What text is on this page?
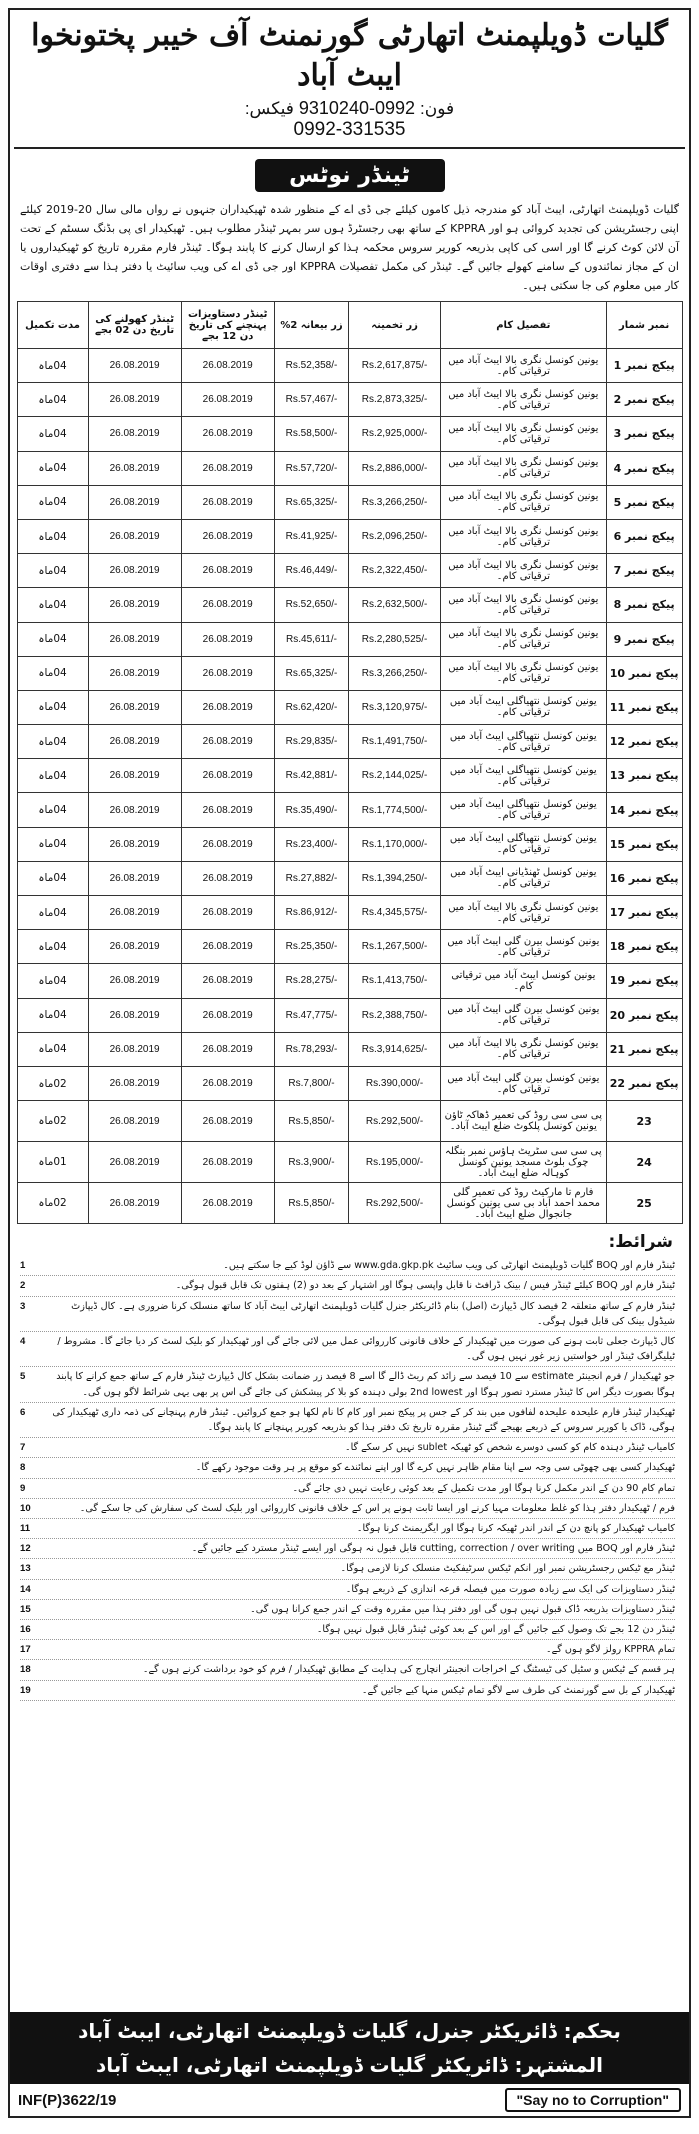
گلیات ڈویلپمنٹ اتھارٹی گورنمنٹ آف خیبر پختونخوا ایبٹ آباد
فون: 0992-9310240 فیکس:
0992-331535
ٹینڈر نوٹس
گلیات ڈویلپمنٹ اتھارٹی، ایبٹ آباد کو مندرجہ ذیل کاموں کیلئے جی ڈی اے کے منظور شدہ ٹھیکیداران جنہوں نے رواں مالی سال 20-2019 کیلئے اپنی رجسٹریشن کی تجدید کروائی ہو اور KPPRA کے ساتھ بھی رجسٹرڈ ہوں سر بمہر ٹینڈر مطلوب ہیں۔ ٹھیکیدار ای پی بڈنگ سسٹم کے تحت آن لائن کوٹ کرنے گا اور اسی کی کاپی بذریعہ کوریر سروس محکمہ ہذا کو ارسال کرنے کا پابند ہوگا۔ ٹینڈر فارم مقررہ تاریخ کو ٹھیکیداروں یا ان کے مجاز نمائندوں کے سامنے کھولے جائیں گے۔ ٹینڈر کی مکمل تفصیلات KPPRA اور جی ڈی اے کی ویب سائیٹ یا دفتر ہذا سے دفتری اوقات کار میں معلوم کی جا سکتی ہیں۔
نمبر شمار	تفصیل کام	زر تخمینہ	زر بیعانہ 2%	ٹینڈر دستاویزات پہنچنے کی تاریخ دن 12 بجے	ٹینڈر کھولنے کی تاریخ دن 02 بجے	مدت تکمیل
پیکج نمبر 1	یونین کونسل نگری بالا ایبٹ آباد میں ترقیاتی کام۔	Rs.2,617,875/-	Rs.52,358/-	26.08.2019	26.08.2019	04ماہ
پیکج نمبر 2	یونین کونسل نگری بالا ایبٹ آباد میں ترقیاتی کام۔	Rs.2,873,325/-	Rs.57,467/-	26.08.2019	26.08.2019	04ماہ
پیکج نمبر 3	یونین کونسل نگری بالا ایبٹ آباد میں ترقیاتی کام۔	Rs.2,925,000/-	Rs.58,500/-	26.08.2019	26.08.2019	04ماہ
پیکج نمبر 4	یونین کونسل نگری بالا ایبٹ آباد میں ترقیاتی کام۔	Rs.2,886,000/-	Rs.57,720/-	26.08.2019	26.08.2019	04ماہ
پیکج نمبر 5	یونین کونسل نگری بالا ایبٹ آباد میں ترقیاتی کام۔	Rs.3,266,250/-	Rs.65,325/-	26.08.2019	26.08.2019	04ماہ
پیکج نمبر 6	یونین کونسل نگری بالا ایبٹ آباد میں ترقیاتی کام۔	Rs.2,096,250/-	Rs.41,925/-	26.08.2019	26.08.2019	04ماہ
پیکج نمبر 7	یونین کونسل نگری بالا ایبٹ آباد میں ترقیاتی کام۔	Rs.2,322,450/-	Rs.46,449/-	26.08.2019	26.08.2019	04ماہ
پیکج نمبر 8	یونین کونسل نگری بالا ایبٹ آباد میں ترقیاتی کام۔	Rs.2,632,500/-	Rs.52,650/-	26.08.2019	26.08.2019	04ماہ
پیکج نمبر 9	یونین کونسل نگری بالا ایبٹ آباد میں ترقیاتی کام۔	Rs.2,280,525/-	Rs.45,611/-	26.08.2019	26.08.2019	04ماہ
پیکج نمبر 10	یونین کونسل نگری بالا ایبٹ آباد میں ترقیاتی کام۔	Rs.3,266,250/-	Rs.65,325/-	26.08.2019	26.08.2019	04ماہ
پیکج نمبر 11	یونین کونسل نتھیاگلی ایبٹ آباد میں ترقیاتی کام۔	Rs.3,120,975/-	Rs.62,420/-	26.08.2019	26.08.2019	04ماہ
پیکج نمبر 12	یونین کونسل نتھیاگلی ایبٹ آباد میں ترقیاتی کام۔	Rs.1,491,750/-	Rs.29,835/-	26.08.2019	26.08.2019	04ماہ
پیکج نمبر 13	یونین کونسل نتھیاگلی ایبٹ آباد میں ترقیاتی کام۔	Rs.2,144,025/-	Rs.42,881/-	26.08.2019	26.08.2019	04ماہ
پیکج نمبر 14	یونین کونسل نتھیاگلی ایبٹ آباد میں ترقیاتی کام۔	Rs.1,774,500/-	Rs.35,490/-	26.08.2019	26.08.2019	04ماہ
پیکج نمبر 15	یونین کونسل نتھیاگلی ایبٹ آباد میں ترقیاتی کام۔	Rs.1,170,000/-	Rs.23,400/-	26.08.2019	26.08.2019	04ماہ
پیکج نمبر 16	یونین کونسل ٹھنڈیانی ایبٹ آباد میں ترقیاتی کام۔	Rs.1,394,250/-	Rs.27,882/-	26.08.2019	26.08.2019	04ماہ
پیکج نمبر 17	یونین کونسل نگری بالا ایبٹ آباد میں ترقیاتی کام۔	Rs.4,345,575/-	Rs.86,912/-	26.08.2019	26.08.2019	04ماہ
پیکج نمبر 18	یونین کونسل بیرن گلی ایبٹ آباد میں ترقیاتی کام۔	Rs.1,267,500/-	Rs.25,350/-	26.08.2019	26.08.2019	04ماہ
پیکج نمبر 19	یونین کونسل ایبٹ آباد میں ترقیاتی کام۔	Rs.1,413,750/-	Rs.28,275/-	26.08.2019	26.08.2019	04ماہ
پیکج نمبر 20	یونین کونسل بیرن گلی ایبٹ آباد میں ترقیاتی کام۔	Rs.2,388,750/-	Rs.47,775/-	26.08.2019	26.08.2019	04ماہ
پیکج نمبر 21	یونین کونسل نگری بالا ایبٹ آباد میں ترقیاتی کام۔	Rs.3,914,625/-	Rs.78,293/-	26.08.2019	26.08.2019	04ماہ
پیکج نمبر 22	یونین کونسل بیرن گلی ایبٹ آباد میں ترقیاتی کام۔	Rs.390,000/-	Rs.7,800/-	26.08.2019	26.08.2019	02ماہ
23	پی سی سی روڈ کی تعمیر ڈھاکہ ٹاؤن یونین کونسل پلکوٹ ضلع ایبٹ آباد۔	Rs.292,500/-	Rs.5,850/-	26.08.2019	26.08.2019	02ماہ
24	پی سی سی سٹریٹ ہاؤس نمبر بنگلہ چوک بلوٹ مسجد یونین کونسل کوہالہ ضلع ایبٹ آباد۔	Rs.195,000/-	Rs.3,900/-	26.08.2019	26.08.2019	01ماہ
25	فارم تا مارکیٹ روڈ کی تعمیر گلی محمد احمد آباد بی سی یونین کونسل جانجوال ضلع ایبٹ آباد۔	Rs.292,500/-	Rs.5,850/-	26.08.2019	26.08.2019	02ماہ
شرائط:
ٹینڈر فارم اور BOQ گلیات ڈویلپمنٹ اتھارٹی کی ویب سائیٹ www.gda.gkp.pk سے ڈاؤن لوڈ کیے جا سکتے ہیں۔
1
ٹینڈر فارم اور BOQ کیلئے ٹینڈر فیس / بینک ڈرافٹ نا قابل واپسی ہوگا اور اشتہار کے بعد دو (2) ہفتوں تک قابل قبول ہوگی۔
2
ٹینڈر فارم کے ساتھ متعلقہ 2 فیصد کال ڈیپازٹ (اصل) بنام ڈائریکٹر جنرل گلیات ڈویلپمنٹ اتھارٹی ایبٹ آباد کا ساتھ منسلک کرنا ضروری ہے۔ کال ڈیپازٹ شیڈول بینک کی قابل قبول ہوگی۔
3
کال ڈیپازٹ جعلی ثابت ہونے کی صورت میں ٹھیکیدار کے خلاف قانونی کارروائی عمل میں لائی جائے گی اور ٹھیکیدار کو بلیک لسٹ کر دیا جائے گا۔ مشروط / ٹیلیگرافک ٹینڈر اور خواستیں زیر غور نہیں ہوں گی۔
4
جو ٹھیکیدار / فرم انجینئر estimate سے 10 فیصد سے زائد کم ریٹ ڈالے گا اسے 8 فیصد زر ضمانت بشکل کال ڈیپازٹ ٹینڈر فارم کے ساتھ جمع کرانے کا پابند ہوگا بصورت دیگر اس کا ٹینڈر مسترد تصور ہوگا اور 2nd lowest بولی دہندہ کو بلا کر پیشکش کی جائے گی اس پر بھی یہی شرائط لاگو ہوں گی۔
5
ٹھیکیدار ٹینڈر فارم علیحدہ علیحدہ لفافوں میں بند کر کے جس پر پیکج نمبر اور کام کا نام لکھا ہو جمع کروائیں۔ ٹینڈر فارم پہنچانے کی ذمہ داری ٹھیکیدار کی ہوگی، ڈاک یا کوریر سروس کے ذریعے بھیجے گئے ٹینڈر مقررہ تاریخ تک دفتر ہذا کو بذریعہ کوریر پہنچانے کا پابند ہوگا۔
6
کامیاب ٹینڈر دہندہ کام کو کسی دوسرے شخص کو ٹھیکہ sublet نہیں کر سکے گا۔
7
ٹھیکیدار کسی بھی چھوٹی سی وجہ سے اپنا مقام ظاہر نہیں کرے گا اور اپنے نمائندے کو موقع پر ہر وقت موجود رکھے گا۔
8
تمام کام 90 دن کے اندر مکمل کرنا ہوگا اور مدت تکمیل کے بعد کوئی رعایت نہیں دی جائے گی۔
9
فرم / ٹھیکیدار دفتر ہذا کو غلط معلومات مہیا کرنے اور ایسا ثابت ہونے پر اس کے خلاف قانونی کارروائی اور بلیک لسٹ کی سفارش کی جا سکے گی۔
10
کامیاب ٹھیکیدار کو پانچ دن کے اندر اندر ٹھیکہ کرنا ہوگا اور ایگریمنٹ کرنا ہوگا۔
11
ٹینڈر فارم اور BOQ میں cutting, correction / over writing قابل قبول نہ ہوگی اور ایسے ٹینڈر مسترد کیے جائیں گے۔
12
ٹینڈر مع ٹیکس رجسٹریشن نمبر اور انکم ٹیکس سرٹیفکیٹ منسلک کرنا لازمی ہوگا۔
13
ٹینڈر دستاویزات کی ایک سے زیادہ صورت میں فیصلہ قرعہ اندازی کے ذریعے ہوگا۔
14
ٹینڈر دستاویزات بذریعہ ڈاک قبول نہیں ہوں گی اور دفتر ہذا میں مقررہ وقت کے اندر جمع کرانا ہوں گی۔
15
ٹینڈر دن 12 بجے تک وصول کیے جائیں گے اور اس کے بعد کوئی ٹینڈر قابل قبول نہیں ہوگا۔
16
تمام KPPRA رولز لاگو ہوں گے۔
17
ہر قسم کے ٹیکس و سٹیل کی ٹیسٹنگ کے اخراجات انجینئر انچارج کی ہدایت کے مطابق ٹھیکیدار / فرم کو خود برداشت کرنے ہوں گے۔
18
ٹھیکیدار کے بل سے گورنمنٹ کی طرف سے لاگو تمام ٹیکس منہا کیے جائیں گے۔
19
بحکم: ڈائریکٹر جنرل، گلیات ڈویلپمنٹ اتھارٹی، ایبٹ آباد
المشتہر: ڈائریکٹر گلیات ڈویلپمنٹ اتھارٹی، ایبٹ آباد
INF(P)3622/19	"Say no to Corruption"
